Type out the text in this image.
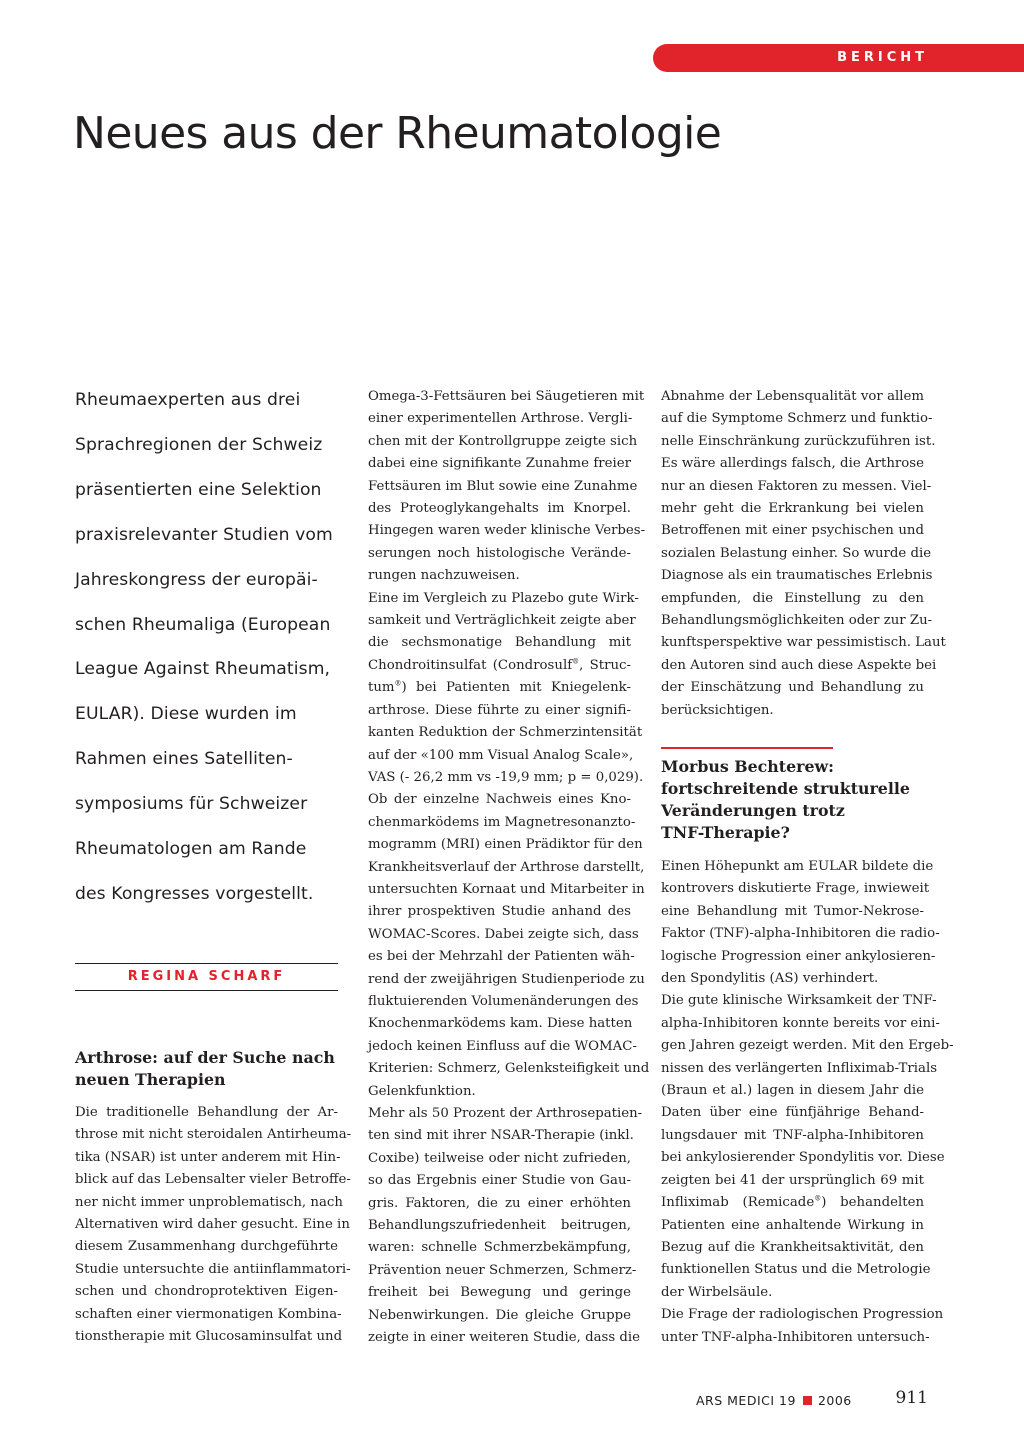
BERICHT
Neues aus der Rheumatologie
Rheumaexperten aus drei
Sprachregionen der Schweiz
präsentierten eine Selektion
praxisrelevanter Studien vom
Jahreskongress der europäi-
schen Rheumaliga (European
League Against Rheumatism,
EULAR). Diese wurden im
Rahmen eines Satelliten-
symposiums für Schweizer
Rheumatologen am Rande
des Kongresses vorgestellt.
REGINA SCHARF
Arthrose: auf der Suche nach
neuen Therapien

Die traditionelle Behandlung der Ar-
throse mit nicht steroidalen Antirheuma-
tika (NSAR) ist unter anderem mit Hin-
blick auf das Lebensalter vieler Betroffe-
ner nicht immer unproblematisch, nach
Alternativen wird daher gesucht. Eine in
diesem Zusammenhang durchgeführte
Studie untersuchte die antiinflammatori-
schen und chondroprotektiven Eigen-
schaften einer viermonatigen Kombina-
tionstherapie mit Glucosaminsulfat und

Omega-3-Fettsäuren bei Säugetieren mit
einer experimentellen Arthrose. Vergli-
chen mit der Kontrollgruppe zeigte sich
dabei eine signifikante Zunahme freier
Fettsäuren im Blut sowie eine Zunahme
des Proteoglykangehalts im Knorpel.
Hingegen waren weder klinische Verbes-
serungen noch histologische Verände-
rungen nachzuweisen.

Eine im Vergleich zu Plazebo gute Wirk-
samkeit und Verträglichkeit zeigte aber
die sechsmonatige Behandlung mit
Chondroitinsulfat (Condrosulf®, Struc-
tum®) bei Patienten mit Kniegelenk-
arthrose. Diese führte zu einer signifi-
kanten Reduktion der Schmerzintensität
auf der «100 mm Visual Analog Scale»,
VAS (- 26,2 mm vs -19,9 mm; p = 0,029).

Ob der einzelne Nachweis eines Kno-
chenmarködems im Magnetresonanzto-
mogramm (MRI) einen Prädiktor für den
Krankheitsverlauf der Arthrose darstellt,
untersuchten Kornaat und Mitarbeiter in
ihrer prospektiven Studie anhand des
WOMAC-Scores. Dabei zeigte sich, dass
es bei der Mehrzahl der Patienten wäh-
rend der zweijährigen Studienperiode zu
fluktuierenden Volumenänderungen des
Knochenmarködems kam. Diese hatten
jedoch keinen Einfluss auf die WOMAC-
Kriterien: Schmerz, Gelenksteifigkeit und
Gelenkfunktion.

Mehr als 50 Prozent der Arthrosepatien-
ten sind mit ihrer NSAR-Therapie (inkl.
Coxibe) teilweise oder nicht zufrieden,
so das Ergebnis einer Studie von Gau-
gris. Faktoren, die zu einer erhöhten
Behandlungszufriedenheit beitrugen,
waren: schnelle Schmerzbekämpfung,
Prävention neuer Schmerzen, Schmerz-
freiheit bei Bewegung und geringe
Nebenwirkungen. Die gleiche Gruppe
zeigte in einer weiteren Studie, dass die

Abnahme der Lebensqualität vor allem
auf die Symptome Schmerz und funktio-
nelle Einschränkung zurückzuführen ist.
Es wäre allerdings falsch, die Arthrose
nur an diesen Faktoren zu messen. Viel-
mehr geht die Erkrankung bei vielen
Betroffenen mit einer psychischen und
sozialen Belastung einher. So wurde die
Diagnose als ein traumatisches Erlebnis
empfunden, die Einstellung zu den
Behandlungsmöglichkeiten oder zur Zu-
kunftsperspektive war pessimistisch. Laut
den Autoren sind auch diese Aspekte bei
der Einschätzung und Behandlung zu
berücksichtigen.

Morbus Bechterew:
fortschreitende strukturelle
Veränderungen trotz
TNF-Therapie?

Einen Höhepunkt am EULAR bildete die
kontrovers diskutierte Frage, inwieweit
eine Behandlung mit Tumor-Nekrose-
Faktor (TNF)-alpha-Inhibitoren die radio-
logische Progression einer ankylosieren-
den Spondylitis (AS) verhindert.

Die gute klinische Wirksamkeit der TNF-
alpha-Inhibitoren konnte bereits vor eini-
gen Jahren gezeigt werden. Mit den Ergeb-
nissen des verlängerten Infliximab-Trials
(Braun et al.) lagen in diesem Jahr die
Daten über eine fünfjährige Behand-
lungsdauer mit TNF-alpha-Inhibitoren
bei ankylosierender Spondylitis vor. Diese
zeigten bei 41 der ursprünglich 69 mit
Infliximab (Remicade®) behandelten
Patienten eine anhaltende Wirkung in
Bezug auf die Krankheitsaktivität, den
funktionellen Status und die Metrologie
der Wirbelsäule.

Die Frage der radiologischen Progression
unter TNF-alpha-Inhibitoren untersuch-

ARS MEDICI 19 2006	911
